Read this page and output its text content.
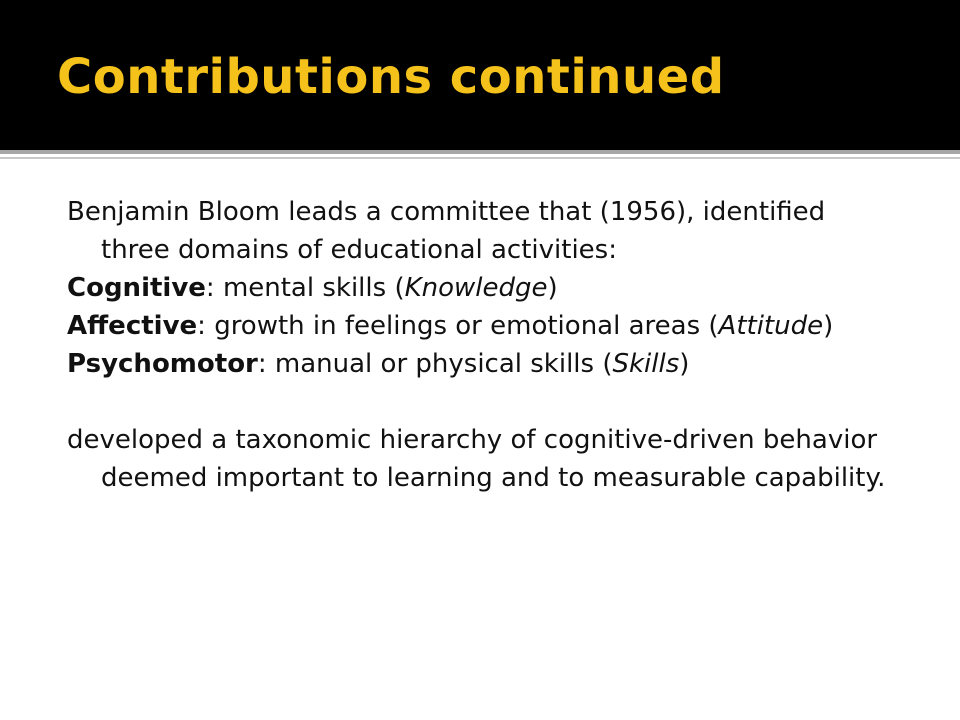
Contributions continued

Benjamin Bloom leads a committee that (1956), identified three domains of educational activities:

Cognitive: mental skills (Knowledge)

Affective: growth in feelings or emotional areas (Attitude)

Psychomotor: manual or physical skills (Skills)

developed a taxonomic hierarchy of cognitive-driven behavior deemed important to learning and to measurable capability.
